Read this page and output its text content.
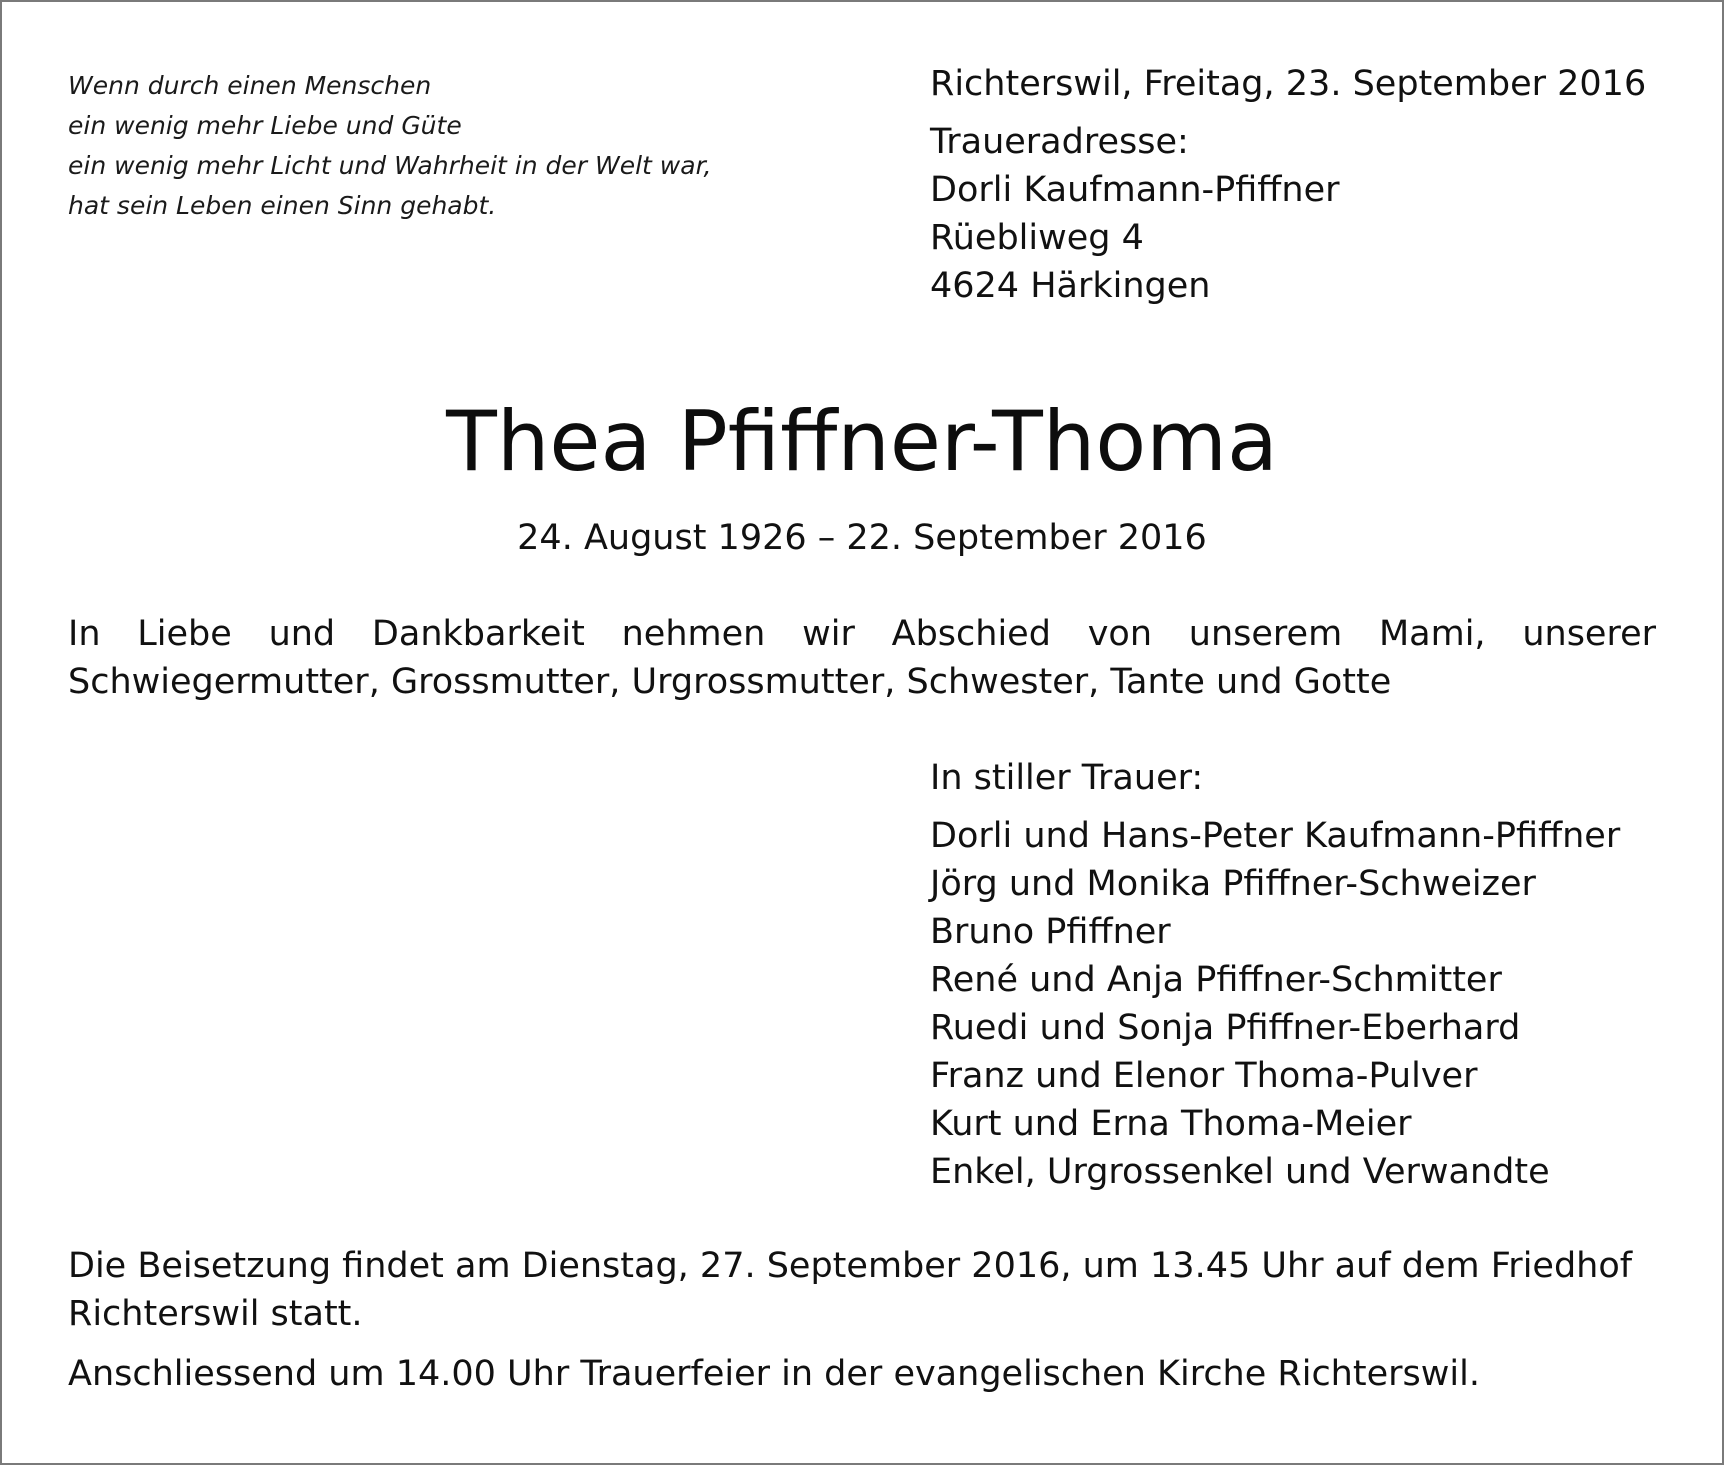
Wenn durch einen Menschen
ein wenig mehr Liebe und Güte
ein wenig mehr Licht und Wahrheit in der Welt war,
hat sein Leben einen Sinn gehabt.
Richterswil, Freitag, 23. September 2016
Traueradresse:
Dorli Kaufmann-Pfiffner
Rüebliweg 4
4624 Härkingen
Thea Pfiffner-Thoma
24. August 1926 – 22. September 2016
In Liebe und Dankbarkeit nehmen wir Abschied von unserem Mami, unserer
Schwiegermutter, Grossmutter, Urgrossmutter, Schwester, Tante und Gotte
In stiller Trauer:
Dorli und Hans-Peter Kaufmann-Pfiffner
Jörg und Monika Pfiffner-Schweizer
Bruno Pfiffner
René und Anja Pfiffner-Schmitter
Ruedi und Sonja Pfiffner-Eberhard
Franz und Elenor Thoma-Pulver
Kurt und Erna Thoma-Meier
Enkel, Urgrossenkel und Verwandte
Die Beisetzung findet am Dienstag, 27. September 2016, um 13.45 Uhr auf dem Friedhof
Richterswil statt.
Anschliessend um 14.00 Uhr Trauerfeier in der evangelischen Kirche Richterswil.
